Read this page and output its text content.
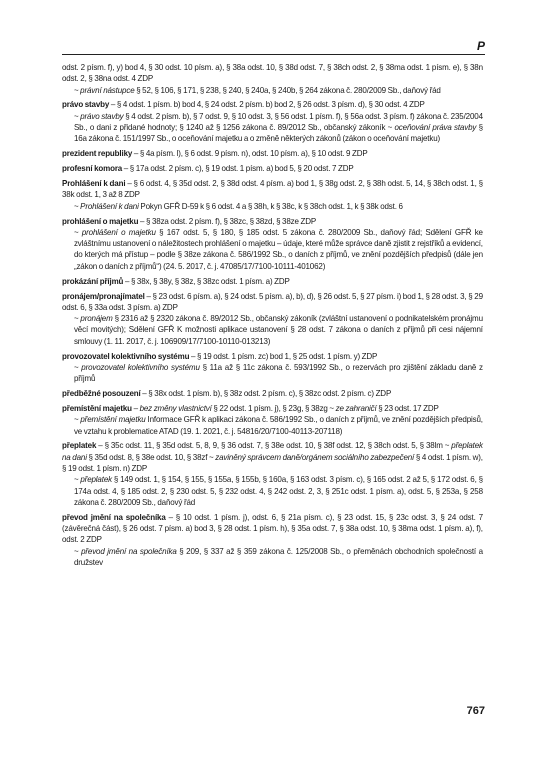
P

odst. 2 písm. f), y) bod 4, § 30 odst. 10 písm. a), § 38a odst. 10, § 38d odst. 7, § 38ch odst. 2, § 38ma odst. 1 písm. e), § 38n odst. 2, § 38na odst. 4 ZDP

~ právní nástupce § 52, § 106, § 171, § 238, § 240, § 240a, § 240b, § 264 zákona č. 280/2009 Sb., daňový řád

právo stavby – § 4 odst. 1 písm. b) bod 4, § 24 odst. 2 písm. b) bod 2, § 26 odst. 3 písm. d), § 30 odst. 4 ZDP

~ právo stavby § 4 odst. 2 písm. b), § 7 odst. 9, § 10 odst. 3, § 56 odst. 1 písm. f), § 56a odst. 3 písm. f) zákona č. 235/2004 Sb., o dani z přidané hodnoty; § 1240 až § 1256 zákona č. 89/2012 Sb., občanský zákoník ~ oceňování práva stavby § 16a zákona č. 151/1997 Sb., o oceňování majetku a o změně některých zákonů (zákon o oceňování majetku)

prezident republiky – § 4a písm. l), § 6 odst. 9 písm. n), odst. 10 písm. a), § 10 odst. 9 ZDP

profesní komora – § 17a odst. 2 písm. c), § 19 odst. 1 písm. a) bod 5, § 20 odst. 7 ZDP

Prohlášení k dani – § 6 odst. 4, § 35d odst. 2, § 38d odst. 4 písm. a) bod 1, § 38g odst. 2, § 38h odst. 5, 14, § 38ch odst. 1, § 38k odst. 1, 3 až 8 ZDP

~ Prohlášení k dani Pokyn GFŘ D-59 k § 6 odst. 4 a § 38h, k § 38c, k § 38ch odst. 1, k § 38k odst. 6

prohlášení o majetku – § 38za odst. 2 písm. f), § 38zc, § 38zd, § 38ze ZDP

~ prohlášení o majetku § 167 odst. 5, § 180, § 185 odst. 5 zákona č. 280/2009 Sb., daňový řád; Sdělení GFŘ ke zvláštnímu ustanovení o náležitostech prohlášení o majetku – údaje, které může správce daně zjistit z rejstříků a evidencí, do kterých má přístup – podle § 38ze zákona č. 586/1992 Sb., o daních z příjmů, ve znění pozdějších předpisů (dále jen „zákon o daních z příjmů“) (24. 5. 2017, č. j. 47085/17/7100-10111-401062)

prokázání příjmů – § 38x, § 38y, § 38z, § 38zc odst. 1 písm. a) ZDP

pronájem/pronajímatel – § 23 odst. 6 písm. a), § 24 odst. 5 písm. a), b), d), § 26 odst. 5, § 27 písm. i) bod 1, § 28 odst. 3, § 29 odst. 6, § 33a odst. 3 písm. a) ZDP

~ pronájem § 2316 až § 2320 zákona č. 89/2012 Sb., občanský zákoník (zvláštní ustanovení o podnikatelském pronájmu věcí movitých); Sdělení GFŘ K možnosti aplikace ustanovení § 28 odst. 7 zákona o daních z příjmů při cesi nájemní smlouvy (1. 11. 2017, č. j. 106909/17/7100-10110-013213)

provozovatel kolektivního systému – § 19 odst. 1 písm. zc) bod 1, § 25 odst. 1 písm. y) ZDP

~ provozovatel kolektivního systému § 11a až § 11c zákona č. 593/1992 Sb., o rezervách pro zjištění základu daně z příjmů

předběžné posouzení – § 38x odst. 1 písm. b), § 38z odst. 2 písm. c), § 38zc odst. 2 písm. c) ZDP

přemístění majetku – bez změny vlastnictví § 22 odst. 1 písm. j), § 23g, § 38zg ~ ze zahraničí § 23 odst. 17 ZDP

~ přemístění majetku Informace GFŘ k aplikaci zákona č. 586/1992 Sb., o daních z příjmů, ve znění pozdějších předpisů, ve vztahu k problematice ATAD (19. 1. 2021, č. j. 54816/20/7100-40113-207118)

přeplatek – § 35c odst. 11, § 35d odst. 5, 8, 9, § 36 odst. 7, § 38e odst. 10, § 38f odst. 12, § 38ch odst. 5, § 38lm ~ přeplatek na dani § 35d odst. 8, § 38e odst. 10, § 38zf ~ zaviněný správcem daně/orgánem sociálního zabezpečení § 4 odst. 1 písm. w), § 19 odst. 1 písm. n) ZDP

~ přeplatek § 149 odst. 1, § 154, § 155, § 155a, § 155b, § 160a, § 163 odst. 3 písm. c), § 165 odst. 2 až 5, § 172 odst. 6, § 174a odst. 4, § 185 odst. 2, § 230 odst. 5, § 232 odst. 4, § 242 odst. 2, 3, § 251c odst. 1 písm. a), odst. 5, § 253a, § 258 zákona č. 280/2009 Sb., daňový řád

převod jmění na společníka – § 10 odst. 1 písm. j), odst. 6, § 21a písm. c), § 23 odst. 15, § 23c odst. 3, § 24 odst. 7 (závěrečná část), § 26 odst. 7 písm. a) bod 3, § 28 odst. 1 písm. h), § 35a odst. 7, § 38a odst. 10, § 38ma odst. 1 písm. a), f), odst. 2 ZDP

~ převod jmění na společníka § 209, § 337 až § 359 zákona č. 125/2008 Sb., o přeměnách obchodních společností a družstev

767
